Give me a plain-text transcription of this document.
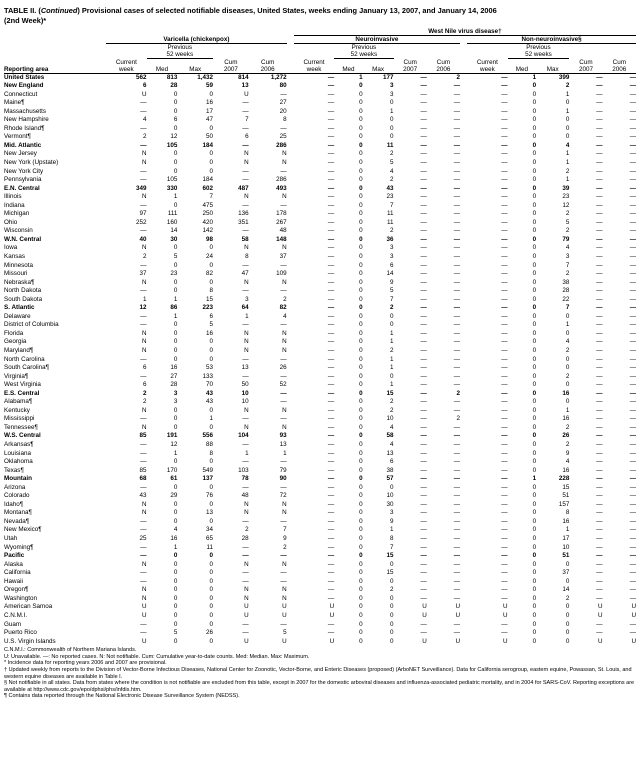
TABLE II. (Continued) Provisional cases of selected notifiable diseases, United States, weeks ending January 13, 2007, and January 14, 2006
(2nd Week)*
							West Nile virus disease†										
	Varicella (chickenpox)						Neuroinvasive						Non-neuroinvasive§				
		Previous						Previous						Previous			
		52 weeks						52 weeks						52 weeks			
	Current			Cum	Cum		Current			Cum	Cum		Current			Cum	Cum
Reporting area	week	Med	Max	2007	2006		week	Med	Max	2007	2006		week	Med	Max	2007	2006
United States	562	813	1,432	814	1,272		—	1	177	—	2		—	1	399	—	—
New England	6	28	59	13	80		—	0	3	—	—		—	0	2	—	—
Connecticut	U	0	0	U	—		—	0	3	—	—		—	0	1	—	—
Maine¶	—	0	16	—	27		—	0	0	—	—		—	0	0	—	—
Massachusetts	—	0	17	—	20		—	0	1	—	—		—	0	1	—	—
New Hampshire	4	6	47	7	8		—	0	0	—	—		—	0	0	—	—
Rhode Island¶	—	0	0	—	—		—	0	0	—	—		—	0	0	—	—
Vermont¶	2	12	50	6	25		—	0	0	—	—		—	0	0	—	—
Mid. Atlantic	—	105	184	—	286		—	0	11	—	—		—	0	4	—	—
New Jersey	N	0	0	N	N		—	0	2	—	—		—	0	1	—	—
New York (Upstate)	N	0	0	N	N		—	0	5	—	—		—	0	1	—	—
New York City	—	0	0	—	—		—	0	4	—	—		—	0	2	—	—
Pennsylvania	—	105	184	—	286		—	0	2	—	—		—	0	1	—	—
E.N. Central	349	330	602	487	493		—	0	43	—	—		—	0	39	—	—
Illinois	N	1	7	N	N		—	0	23	—	—		—	0	23	—	—
Indiana	—	0	475	—	—		—	0	7	—	—		—	0	12	—	—
Michigan	97	111	250	136	178		—	0	11	—	—		—	0	2	—	—
Ohio	252	160	420	351	267		—	0	11	—	—		—	0	5	—	—
Wisconsin	—	14	142	—	48		—	0	2	—	—		—	0	2	—	—
W.N. Central	40	30	98	58	148		—	0	36	—	—		—	0	79	—	—
Iowa	N	0	0	N	N		—	0	3	—	—		—	0	4	—	—
Kansas	2	5	24	8	37		—	0	3	—	—		—	0	3	—	—
Minnesota	—	0	0	—	—		—	0	6	—	—		—	0	7	—	—
Missouri	37	23	82	47	109		—	0	14	—	—		—	0	2	—	—
Nebraska¶	N	0	0	N	N		—	0	9	—	—		—	0	38	—	—
North Dakota	—	0	8	—	—		—	0	5	—	—		—	0	28	—	—
South Dakota	1	1	15	3	2		—	0	7	—	—		—	0	22	—	—
S. Atlantic	12	86	223	64	82		—	0	2	—	—		—	0	7	—	—
Delaware	—	1	6	1	4		—	0	0	—	—		—	0	0	—	—
District of Columbia	—	0	5	—	—		—	0	0	—	—		—	0	1	—	—
Florida	N	0	16	N	N		—	0	1	—	—		—	0	0	—	—
Georgia	N	0	0	N	N		—	0	1	—	—		—	0	4	—	—
Maryland¶	N	0	0	N	N		—	0	2	—	—		—	0	2	—	—
North Carolina	—	0	0	—	—		—	0	1	—	—		—	0	0	—	—
South Carolina¶	6	16	53	13	26		—	0	1	—	—		—	0	0	—	—
Virginia¶	—	27	133	—	—		—	0	0	—	—		—	0	2	—	—
West Virginia	6	28	70	50	52		—	0	1	—	—		—	0	0	—	—
E.S. Central	2	3	43	10	—		—	0	15	—	2		—	0	16	—	—
Alabama¶	2	3	43	10	—		—	0	2	—	—		—	0	0	—	—
Kentucky	N	0	0	N	N		—	0	2	—	—		—	0	1	—	—
Mississippi	—	0	1	—	—		—	0	10	—	2		—	0	16	—	—
Tennessee¶	N	0	0	N	N		—	0	4	—	—		—	0	2	—	—
W.S. Central	85	191	556	104	93		—	0	58	—	—		—	0	26	—	—
Arkansas¶	—	12	88	—	13		—	0	4	—	—		—	0	2	—	—
Louisiana	—	1	8	1	1		—	0	13	—	—		—	0	9	—	—
Oklahoma	—	0	0	—	—		—	0	6	—	—		—	0	4	—	—
Texas¶	85	170	549	103	79		—	0	38	—	—		—	0	16	—	—
Mountain	68	61	137	78	90		—	0	57	—	—		—	1	228	—	—
Arizona	—	0	0	—	—		—	0	0	—	—		—	0	15	—	—
Colorado	43	29	76	48	72		—	0	10	—	—		—	0	51	—	—
Idaho¶	N	0	0	N	N		—	0	30	—	—		—	0	157	—	—
Montana¶	N	0	13	N	N		—	0	3	—	—		—	0	8	—	—
Nevada¶	—	0	0	—	—		—	0	9	—	—		—	0	16	—	—
New Mexico¶	—	4	34	2	7		—	0	1	—	—		—	0	1	—	—
Utah	25	16	65	28	9		—	0	8	—	—		—	0	17	—	—
Wyoming¶	—	1	11	—	2		—	0	7	—	—		—	0	10	—	—
Pacific	—	0	0	—	—		—	0	15	—	—		—	0	51	—	—
Alaska	N	0	0	N	N		—	0	0	—	—		—	0	0	—	—
California	—	0	0	—	—		—	0	15	—	—		—	0	37	—	—
Hawaii	—	0	0	—	—		—	0	0	—	—		—	0	0	—	—
Oregon¶	N	0	0	N	N		—	0	2	—	—		—	0	14	—	—
Washington	N	0	0	N	N		—	0	0	—	—		—	0	2	—	—
American Samoa	U	0	0	U	U		U	0	0	U	U		U	0	0	U	U
C.N.M.I.	U	0	0	U	U		U	0	0	U	U		U	0	0	U	U
Guam	—	0	0	—	—		—	0	0	—	—		—	0	0	—	—
Puerto Rico	—	5	26	—	5		—	0	0	—	—		—	0	0	—	—
U.S. Virgin Islands	U	0	0	U	U		U	0	0	U	U		U	0	0	U	U
C.N.M.I.: Commonwealth of Northern Mariana Islands.
U: Unavailable. —: No reported cases. N: Not notifiable. Cum: Cumulative year-to-date counts. Med: Median. Max: Maximum.
* Incidence data for reporting years 2006 and 2007 are provisional.
† Updated weekly from reports to the Division of Vector-Borne Infectious Diseases, National Center for Zoonotic, Vector-Borne, and Enteric Diseases (proposed) (ArboNET Surveillance). Data for California serogroup, eastern equine, Powassan, St. Louis, and western equine diseases are available in Table I.
§ Not notifiable in all states. Data from states where the condition is not notifiable are excluded from this table, except in 2007 for the domestic arboviral diseases and influenza-associated pediatric mortality, and in 2004 for SARS-CoV. Reporting exceptions are available at http://www.cdc.gov/epo/dphsi/phs/infdis.htm.
¶ Contains data reported through the National Electronic Disease Surveillance System (NEDSS).
